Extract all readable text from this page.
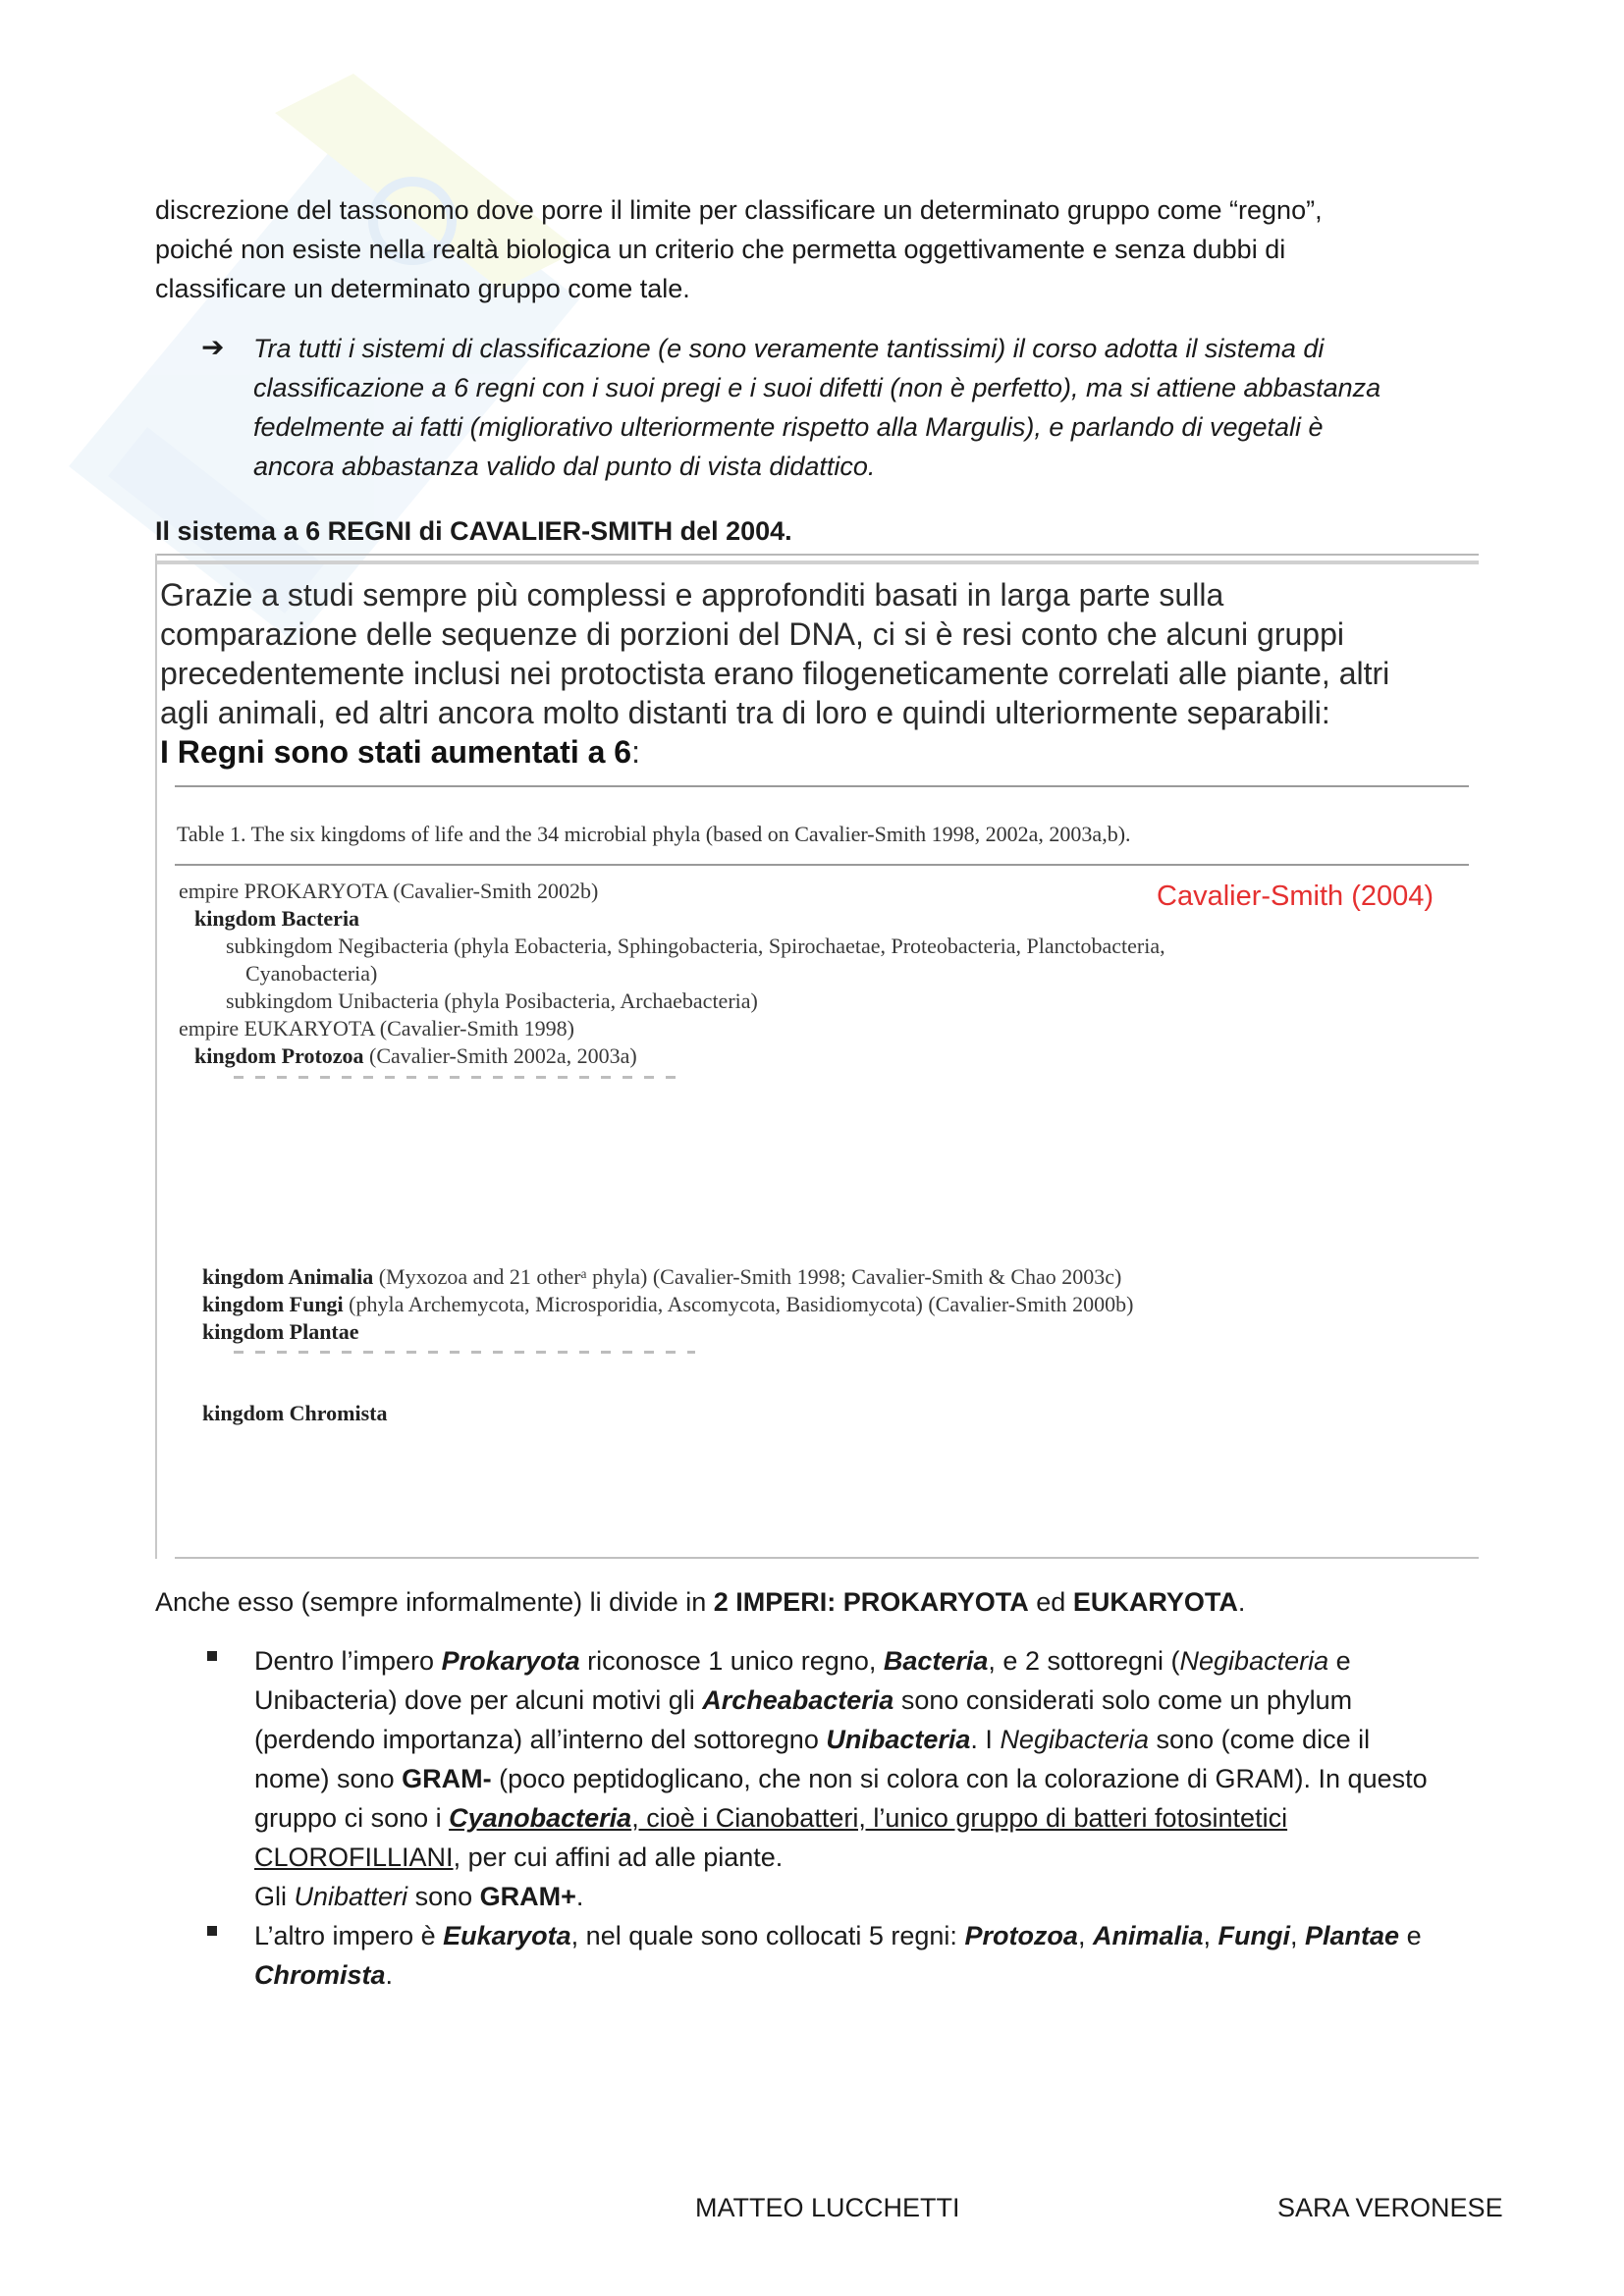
discrezione del tassonomo dove porre il limite per classificare un determinato gruppo come “regno”,

poiché non esiste nella realtà biologica un criterio che permetta oggettivamente e senza dubbi di

classificare un determinato gruppo come tale.

➔ Tra tutti i sistemi di classificazione (e sono veramente tantissimi) il corso adotta il sistema di

classificazione a 6 regni con i suoi pregi e i suoi difetti (non è perfetto), ma si attiene abbastanza

fedelmente ai fatti (migliorativo ulteriormente rispetto alla Margulis), e parlando di vegetali è

ancora abbastanza valido dal punto di vista didattico.

Il sistema a 6 REGNI di CAVALIER-SMITH del 2004.

Grazie a studi sempre più complessi e approfonditi basati in larga parte sulla
comparazione delle sequenze di porzioni del DNA, ci si è resi conto che alcuni gruppi
precedentemente inclusi nei protoctista erano filogeneticamente correlati alle piante, altri
agli animali, ed altri ancora molto distanti tra di loro e quindi ulteriormente separabili:
I Regni sono stati aumentati a 6:
Table 1. The six kingdoms of life and the 34 microbial phyla (based on Cavalier-Smith 1998, 2002a, 2003a,b).
Cavalier-Smith (2004)
empire PROKARYOTA (Cavalier-Smith 2002b)
kingdom Bacteria
subkingdom Negibacteria (phyla Eobacteria, Sphingobacteria, Spirochaetae, Proteobacteria, Planctobacteria,
Cyanobacteria)
subkingdom Unibacteria (phyla Posibacteria, Archaebacteria)
empire EUKARYOTA (Cavalier-Smith 1998)
kingdom Protozoa (Cavalier-Smith 2002a, 2003a)
kingdom Animalia (Myxozoa and 21 otherᵃ phyla) (Cavalier-Smith 1998; Cavalier-Smith & Chao 2003c)
kingdom Fungi (phyla Archemycota, Microsporidia, Ascomycota, Basidiomycota) (Cavalier-Smith 2000b)
kingdom Plantae
kingdom Chromista

Anche esso (sempre informalmente) li divide in 2 IMPERI: PROKARYOTA ed EUKARYOTA.

Dentro l’impero Prokaryota riconosce 1 unico regno, Bacteria, e 2 sottoregni (Negibacteria e

Unibacteria) dove per alcuni motivi gli Archeabacteria sono considerati solo come un phylum

(perdendo importanza) all’interno del sottoregno Unibacteria. I Negibacteria sono (come dice il

nome) sono GRAM- (poco peptidoglicano, che non si colora con la colorazione di GRAM). In questo

gruppo ci sono i Cyanobacteria, cioè i Cianobatteri, l’unico gruppo di batteri fotosintetici

CLOROFILLIANI, per cui affini ad alle piante.

Gli Unibatteri sono GRAM+.

L’altro impero è Eukaryota, nel quale sono collocati 5 regni: Protozoa, Animalia, Fungi, Plantae e

Chromista.

MATTEO LUCCHETTI	SARA VERONESE
